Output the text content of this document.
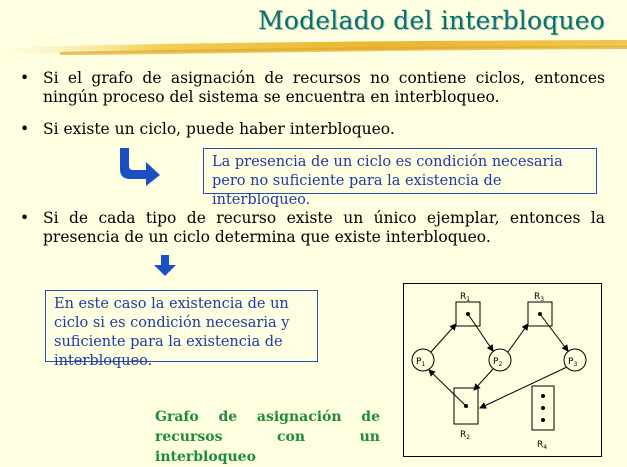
Modelado del interbloqueo
• Si el grafo de asignación de recursos no contiene ciclos, entonces ningún proceso del sistema se encuentra en interbloqueo.
• Si existe un ciclo, puede haber interbloqueo.
La presencia de un ciclo es condición necesaria pero no suficiente para la existencia de interbloqueo.
• Si de cada tipo de recurso existe un único ejemplar, entonces la presencia de un ciclo determina que existe interbloqueo.
En este caso la existencia de un ciclo si es condición necesaria y suficiente para la existencia de interbloqueo.
Grafo de asignación de recursos con un interbloqueo
$R_1$	$R_3$
$R_2$
$R_4$
$P_1$	$P_2$	$P_3$
